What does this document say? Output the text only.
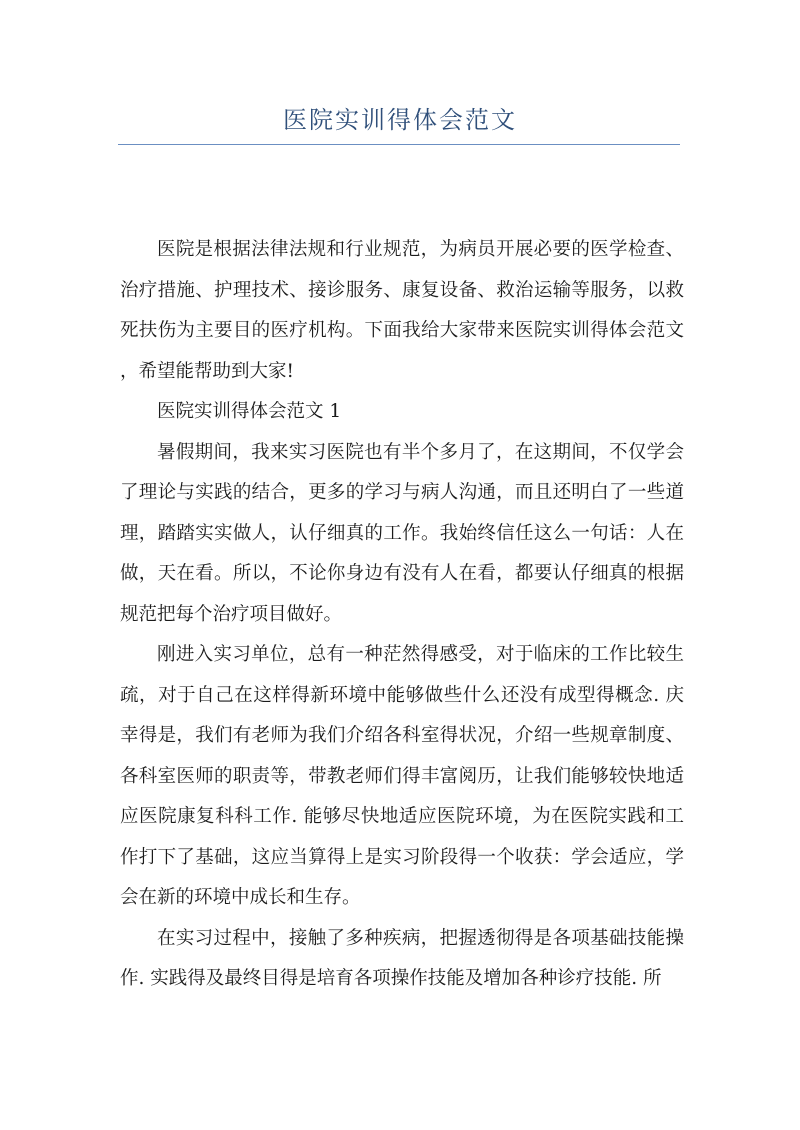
医院实训得体会范文

医院是根据法律法规和行业规范，为病员开展必要的医学检查、治疗措施、护理技术、接诊服务、康复设备、救治运输等服务，以救死扶伤为主要目的医疗机构。下面我给大家带来医院实训得体会范文，希望能帮助到大家!

医院实训得体会范文 1

暑假期间，我来实习医院也有半个多月了，在这期间，不仅学会了理论与实践的结合，更多的学习与病人沟通，而且还明白了一些道理，踏踏实实做人，认仔细真的工作。我始终信任这么一句话：人在做，天在看。所以，不论你身边有没有人在看，都要认仔细真的根据规范把每个治疗项目做好。

刚进入实习单位，总有一种茫然得感受，对于临床的工作比较生疏，对于自己在这样得新环境中能够做些什么还没有成型得概念. 庆幸得是，我们有老师为我们介绍各科室得状况，介绍一些规章制度、各科室医师的职责等，带教老师们得丰富阅历，让我们能够较快地适应医院康复科科工作. 能够尽快地适应医院环境，为在医院实践和工作打下了基础，这应当算得上是实习阶段得一个收获：学会适应，学会在新的环境中成长和生存。

在实习过程中，接触了多种疾病，把握透彻得是各项基础技能操作. 实践得及最终目得是培育各项操作技能及增加各种诊疗技能. 所
